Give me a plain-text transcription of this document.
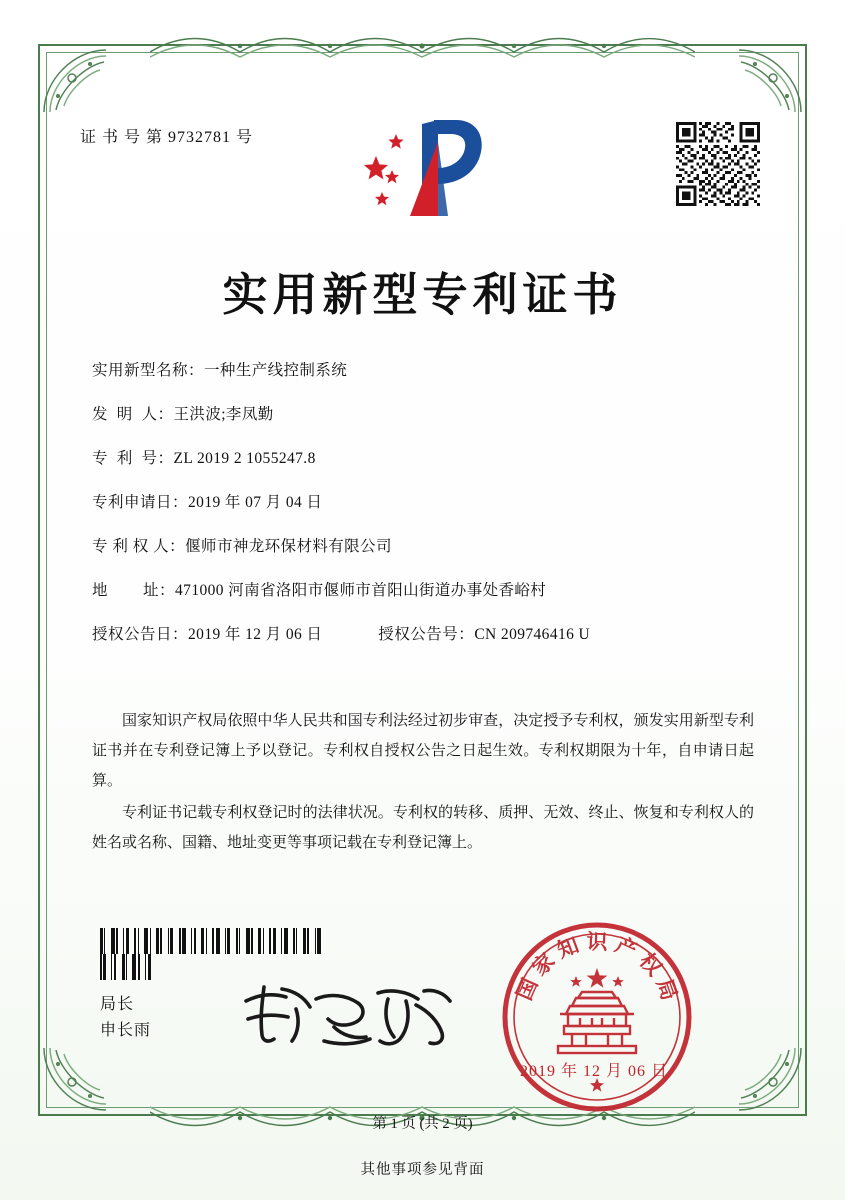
证 书 号 第 9732781 号
实用新型专利证书
实用新型名称： 一种生产线控制系统
发  明  人： 王洪波;李凤勤
专  利  号： ZL 2019 2 1055247.8
专利申请日： 2019 年 07 月 04 日
专 利 权 人： 偃师市神龙环保材料有限公司
地        址： 471000 河南省洛阳市偃师市首阳山街道办事处香峪村
授权公告日： 2019 年 12 月 06 日	授权公告号： CN 209746416 U

国家知识产权局依照中华人民共和国专利法经过初步审查，决定授予专利权，颁发实用新型专利证书并在专利登记簿上予以登记。专利权自授权公告之日起生效。专利权期限为十年，自申请日起算。

专利证书记载专利权登记时的法律状况。专利权的转移、质押、无效、终止、恢复和专利权人的姓名或名称、国籍、地址变更等事项记载在专利登记簿上。

局长
申长雨
国家知识产权局
2019 年 12 月 06 日
第 1 页 (共 2 页)
其他事项参见背面
